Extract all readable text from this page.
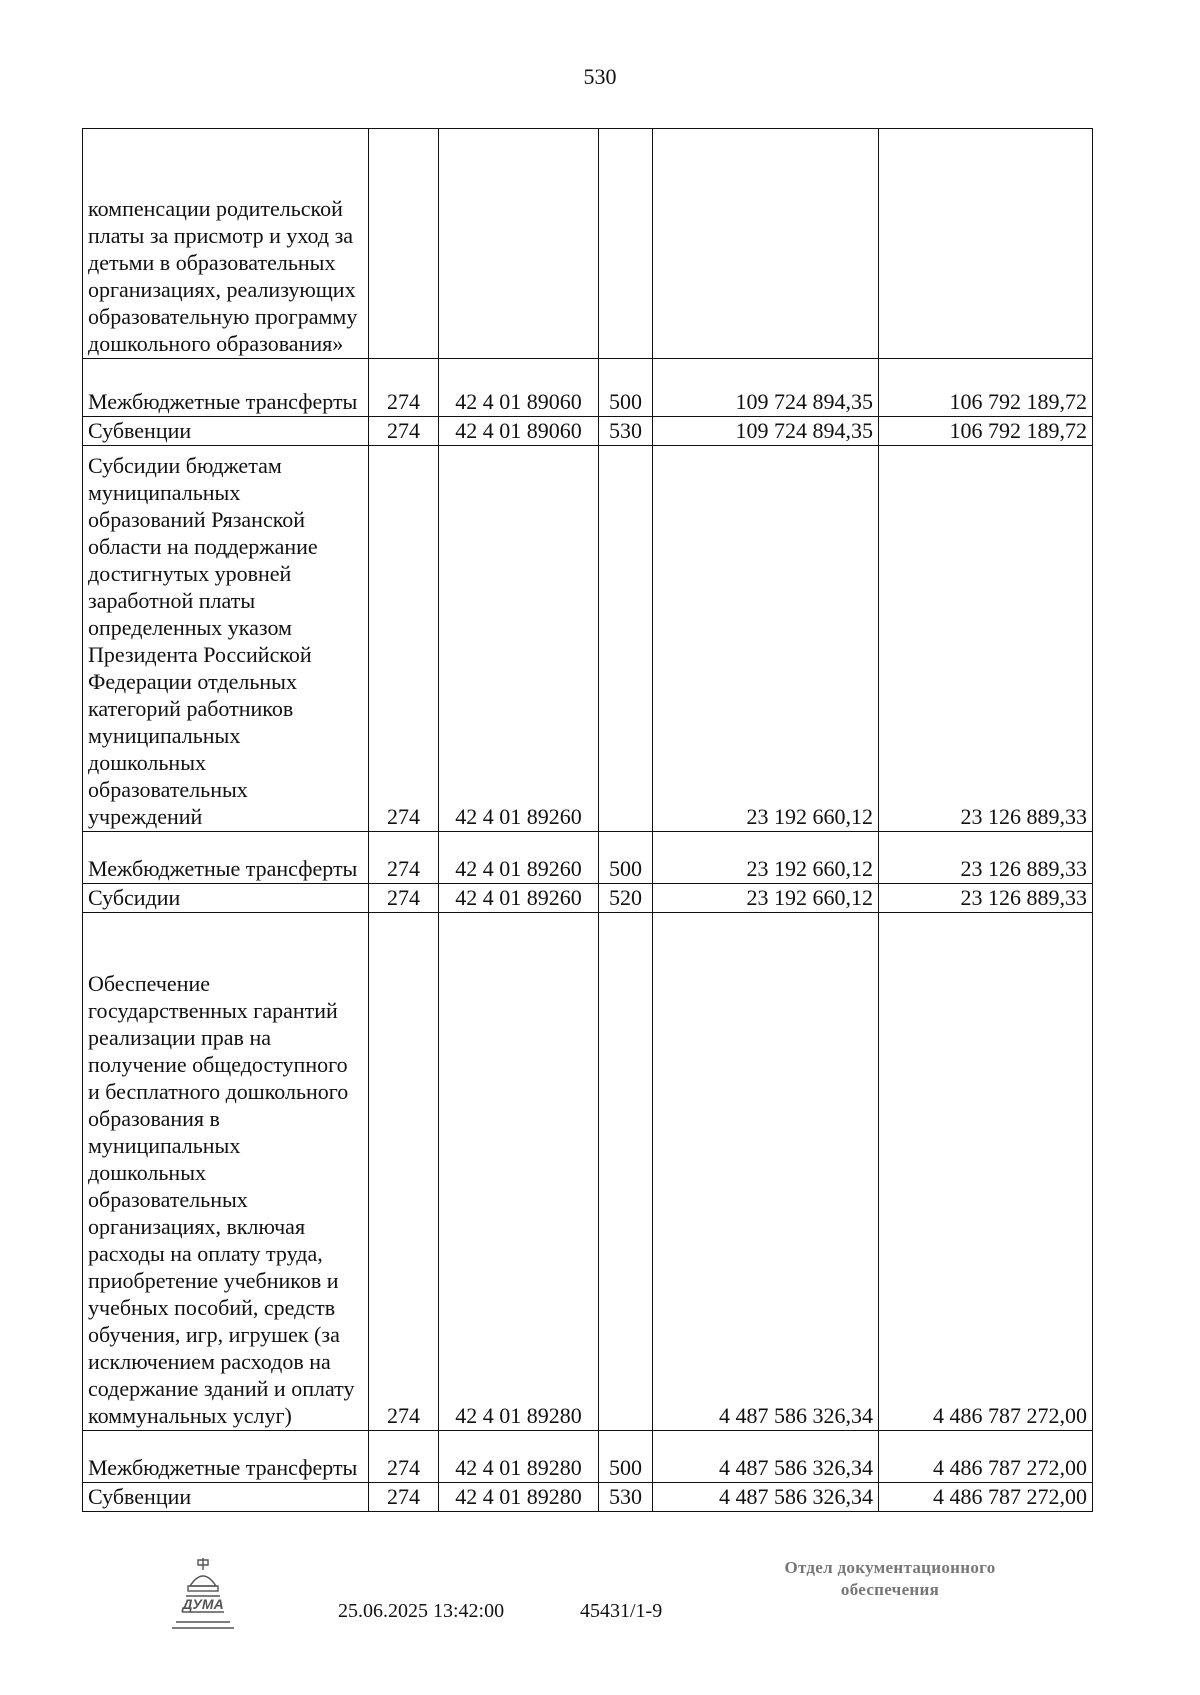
530
компенсации родительской платы за присмотр и уход за детьми в образовательных организациях, реализующих образовательную программу дошкольного образования»					
Межбюджетные трансферты	274	42 4 01 89060	500	109 724 894,35	106 792 189,72
Субвенции	274	42 4 01 89060	530	109 724 894,35	106 792 189,72
Субсидии бюджетам муниципальных образований Рязанской области на поддержание достигнутых уровней заработной платы определенных указом Президента Российской Федерации отдельных категорий работников муниципальных дошкольных образовательных учреждений	274	42 4 01 89260		23 192 660,12	23 126 889,33
Межбюджетные трансферты	274	42 4 01 89260	500	23 192 660,12	23 126 889,33
Субсидии	274	42 4 01 89260	520	23 192 660,12	23 126 889,33
Обеспечение государственных гарантий реализации прав на получение общедоступного и бесплатного дошкольного образования в муниципальных дошкольных образовательных организациях, включая расходы на оплату труда, приобретение учебников и учебных пособий, средств обучения, игр, игрушек (за исключением расходов на содержание зданий и оплату коммунальных услуг)	274	42 4 01 89280		4 487 586 326,34	4 486 787 272,00
Межбюджетные трансферты	274	42 4 01 89280	500	4 487 586 326,34	4 486 787 272,00
Субвенции	274	42 4 01 89280	530	4 487 586 326,34	4 486 787 272,00
ДУМА	25.06.2025 13:42:00	45431/1-9
Отдел документационного
обеспечения
